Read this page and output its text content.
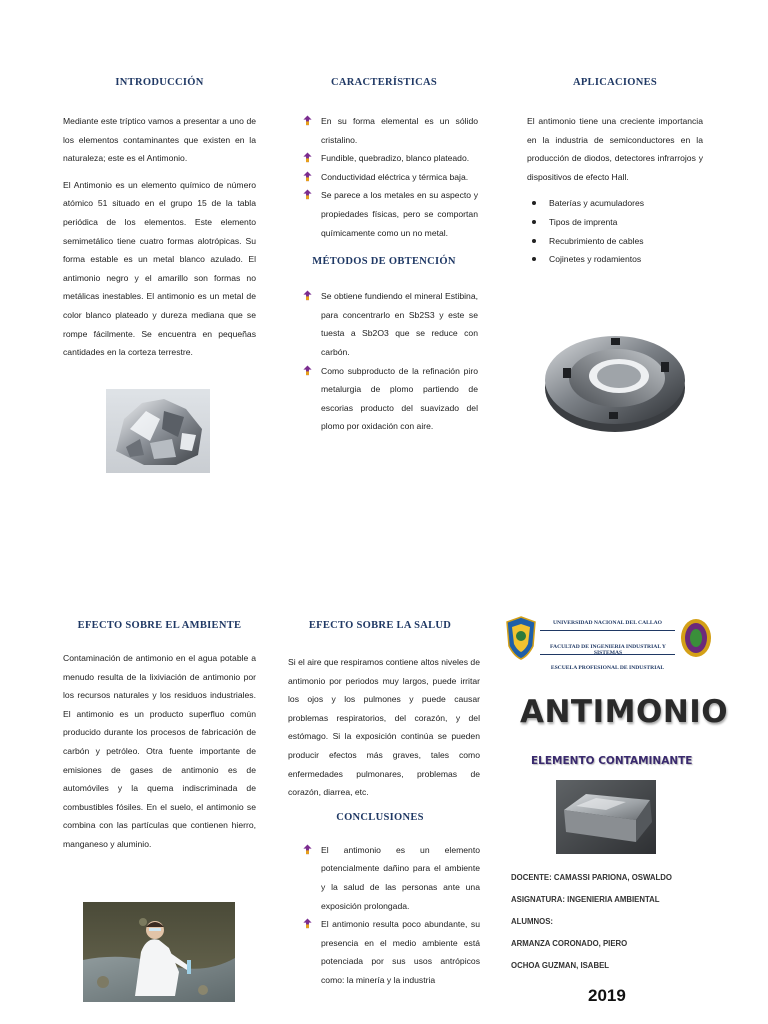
INTRODUCCIÓN

Mediante este tríptico vamos a presentar a uno de los elementos contaminantes que existen en la naturaleza; este es el Antimonio.

El Antimonio es un elemento químico de número atómico 51 situado en el grupo 15 de la tabla periódica de los elementos. Este elemento semimetálico tiene cuatro formas alotrópicas. Su forma estable es un metal blanco azulado. El antimonio negro y el amarillo son formas no metálicas inestables. El antimonio es un metal de color blanco plateado y dureza mediana que se rompe fácilmente. Se encuentra en pequeñas cantidades en la corteza terrestre.

CARACTERÍSTICAS
En su forma elemental es un sólido cristalino.
Fundible, quebradizo, blanco plateado.
Conductividad eléctrica y térmica baja.
Se parece a los metales en su aspecto y propiedades físicas, pero se comportan químicamente como un no metal.
MÉTODOS DE OBTENCIÓN
Se obtiene fundiendo el mineral Estibina, para concentrarlo en Sb2S3 y este se tuesta a Sb2O3 que se reduce con carbón.
Como subproducto de la refinación piro metalurgia de plomo partiendo de escorias producto del suavizado del plomo por oxidación con aire.
APLICACIONES

El antimonio tiene una creciente importancia en la industria de semiconductores en la producción de diodos, detectores infrarrojos y dispositivos de efecto Hall.

Baterías y acumuladores
Tipos de imprenta
Recubrimiento de cables
Cojinetes y rodamientos
EFECTO SOBRE EL AMBIENTE

Contaminación de antimonio en el agua potable a menudo resulta de la lixiviación de antimonio por los recursos naturales y los residuos industriales. El antimonio es un producto superfluo común producido durante los procesos de fabricación de carbón y petróleo. Otra fuente importante de emisiones de gases de antimonio es de automóviles y la quema indiscriminada de combustibles fósiles. En el suelo, el antimonio se combina con las partículas que contienen hierro, manganeso y aluminio.

EFECTO SOBRE LA SALUD

Si el aire que respiramos contiene altos niveles de antimonio por periodos muy largos, puede irritar los ojos y los pulmones y puede causar problemas respiratorios, del corazón, y del estómago. Si la exposición continúa se pueden producir efectos más graves, tales como enfermedades pulmonares, problemas de corazón, diarrea, etc.

CONCLUSIONES
El antimonio es un elemento potencialmente dañino para el ambiente y la salud de las personas ante una exposición prolongada.
El antimonio resulta poco abundante, su presencia en el medio ambiente está potenciada por sus usos antrópicos como: la minería y la industria
UNIVERSIDAD NACIONAL DEL CALLAO
FACULTAD DE INGENIERIA INDUSTRIAL Y SISTEMAS
ESCUELA PROFESIONAL DE INDUSTRIAL
ANTIMONIO
ELEMENTO CONTAMINANTE
DOCENTE: CAMASSI PARIONA, OSWALDO
ASIGNATURA: INGENIERIA AMBIENTAL
ALUMNOS:
ARMANZA CORONADO, PIERO
OCHOA GUZMAN, ISABEL
2019
